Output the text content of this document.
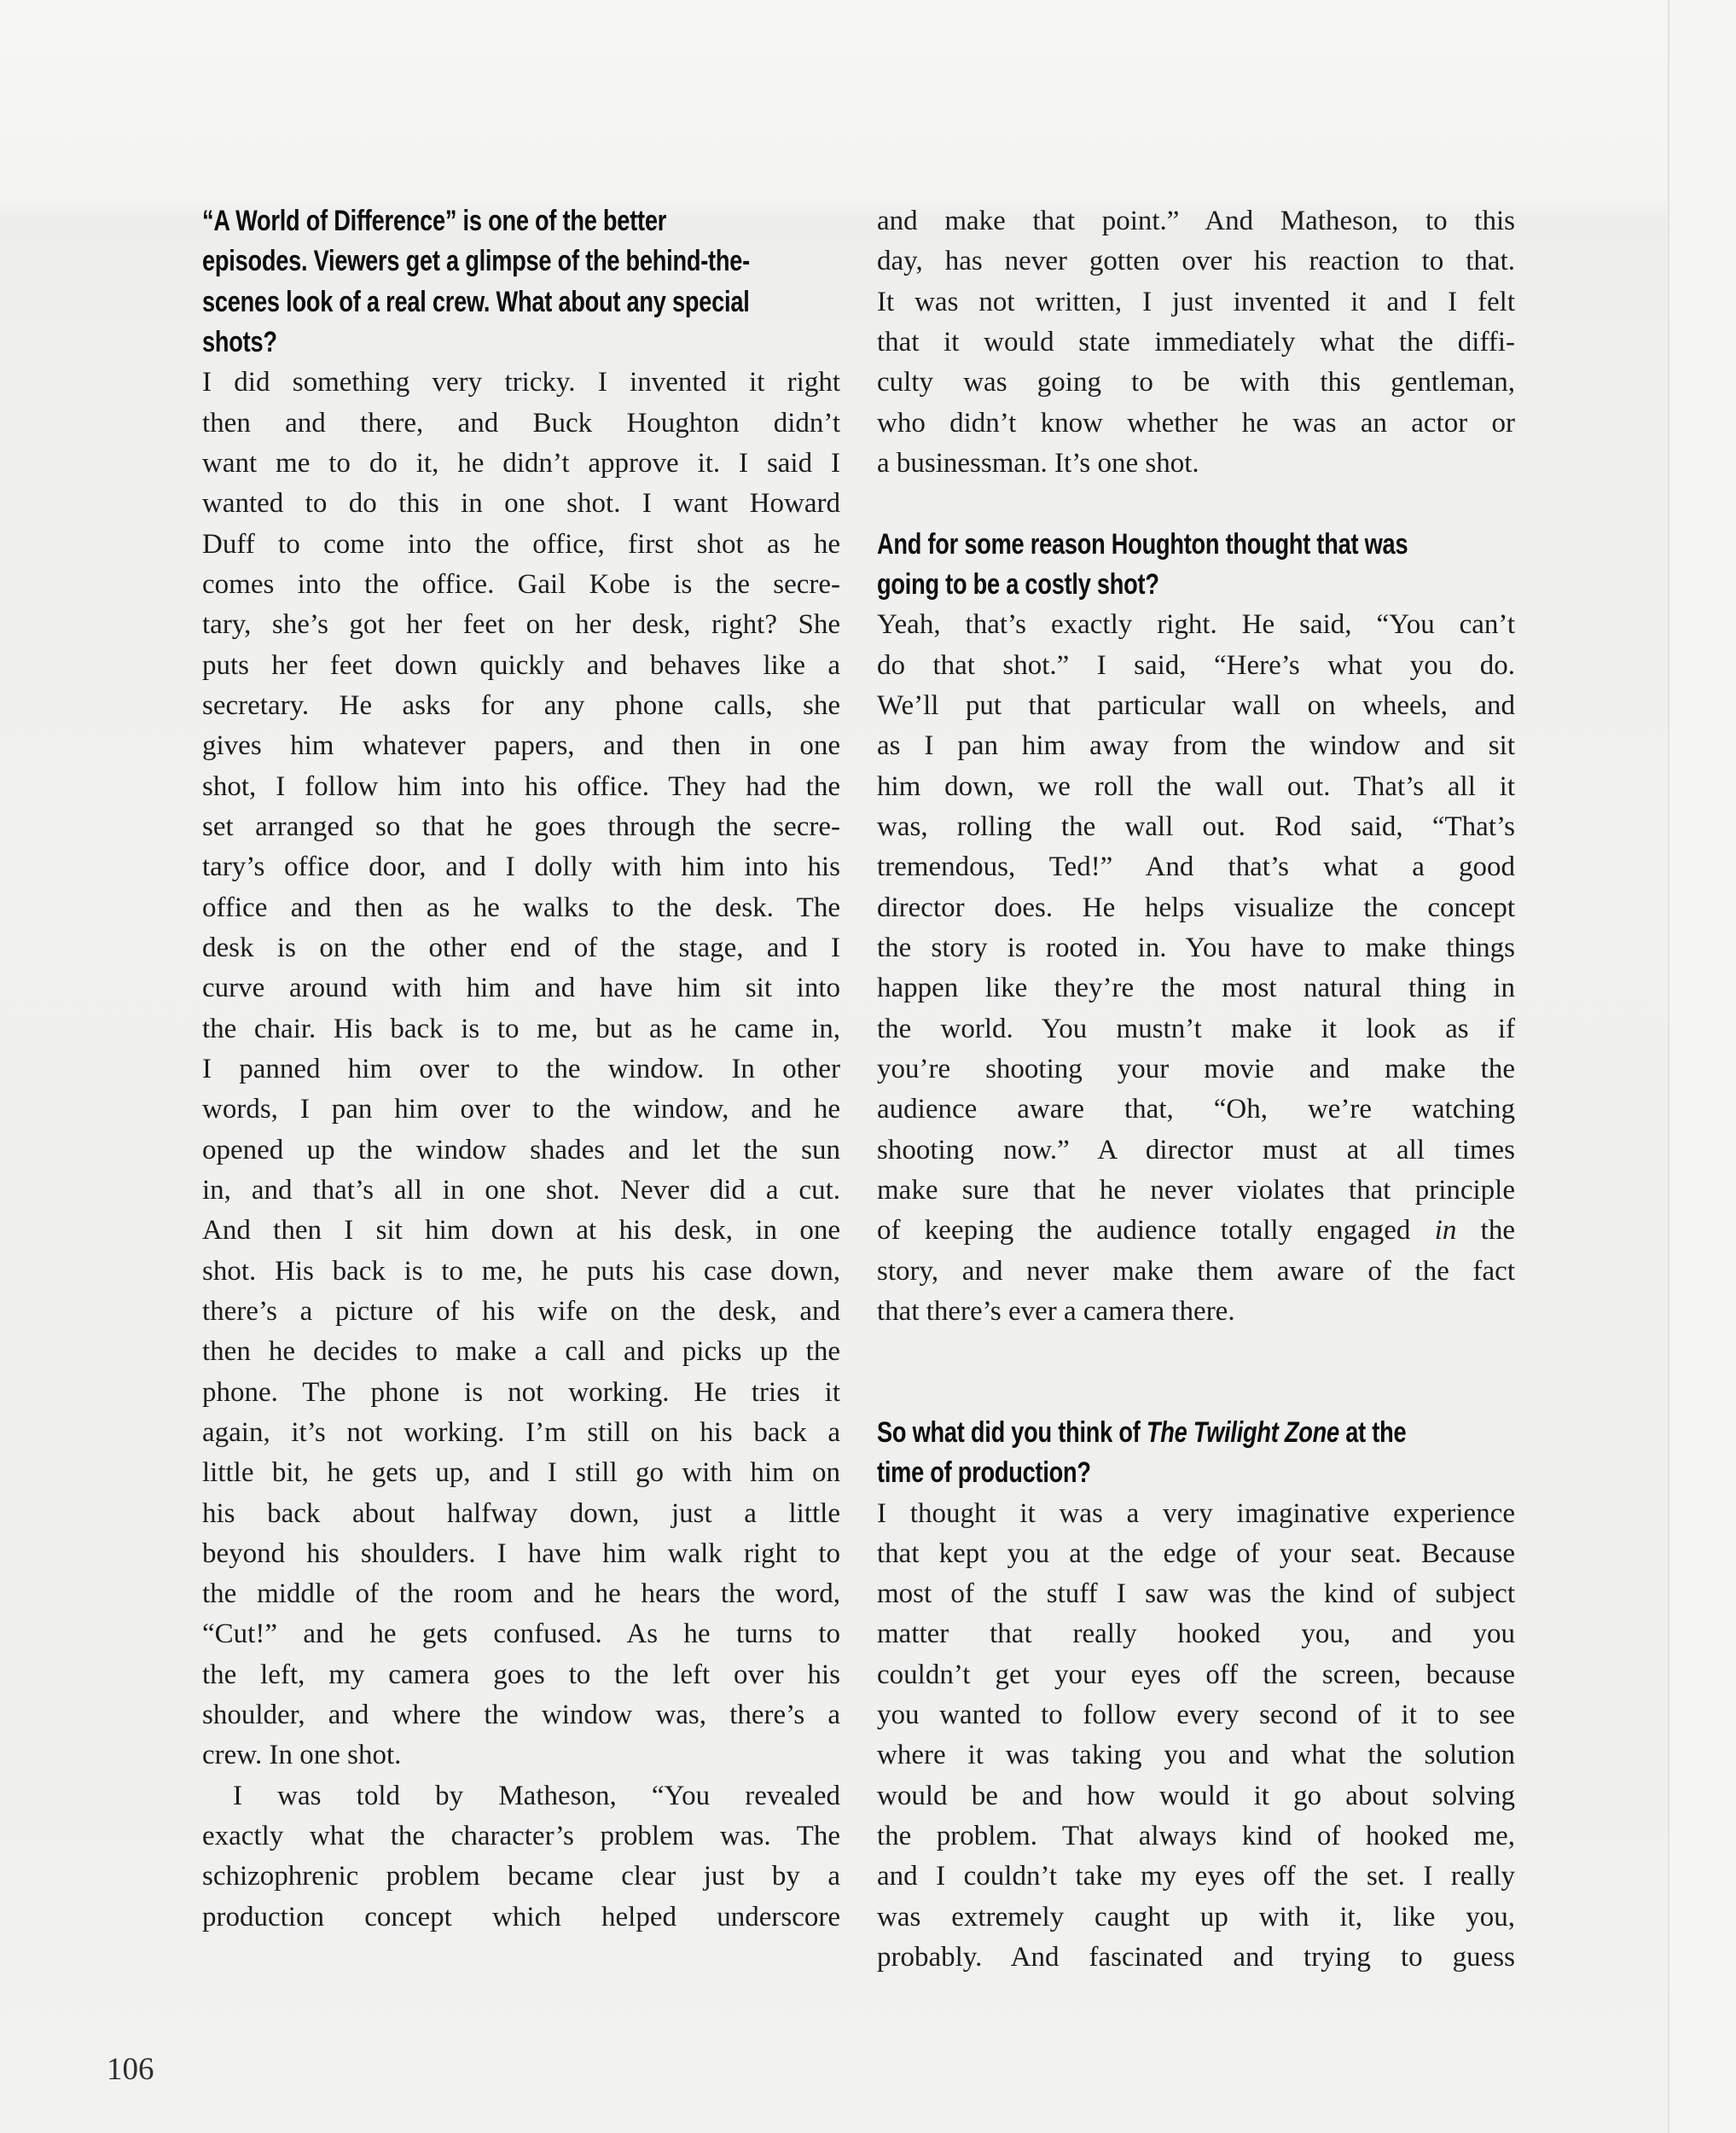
“A World of Difference” is one of the better
episodes. Viewers get a glimpse of the behind-the-
scenes look of a real crew. What about any special
shots?
I did something very tricky. I invented it right
then and there, and Buck Houghton didn’t
want me to do it, he didn’t approve it. I said I
wanted to do this in one shot. I want Howard
Duff to come into the office, first shot as he
comes into the office. Gail Kobe is the secre-
tary, she’s got her feet on her desk, right? She
puts her feet down quickly and behaves like a
secretary. He asks for any phone calls, she
gives him whatever papers, and then in one
shot, I follow him into his office. They had the
set arranged so that he goes through the secre-
tary’s office door, and I dolly with him into his
office and then as he walks to the desk. The
desk is on the other end of the stage, and I
curve around with him and have him sit into
the chair. His back is to me, but as he came in,
I panned him over to the window. In other
words, I pan him over to the window, and he
opened up the window shades and let the sun
in, and that’s all in one shot. Never did a cut.
And then I sit him down at his desk, in one
shot. His back is to me, he puts his case down,
there’s a picture of his wife on the desk, and
then he decides to make a call and picks up the
phone. The phone is not working. He tries it
again, it’s not working. I’m still on his back a
little bit, he gets up, and I still go with him on
his back about halfway down, just a little
beyond his shoulders. I have him walk right to
the middle of the room and he hears the word,
“Cut!” and he gets confused. As he turns to
the left, my camera goes to the left over his
shoulder, and where the window was, there’s a
crew. In one shot.
I was told by Matheson, “You revealed
exactly what the character’s problem was. The
schizophrenic problem became clear just by a
production concept which helped underscore
and make that point.” And Matheson, to this
day, has never gotten over his reaction to that.
It was not written, I just invented it and I felt
that it would state immediately what the diffi-
culty was going to be with this gentleman,
who didn’t know whether he was an actor or
a businessman. It’s one shot.
And for some reason Houghton thought that was
going to be a costly shot?
Yeah, that’s exactly right. He said, “You can’t
do that shot.” I said, “Here’s what you do.
We’ll put that particular wall on wheels, and
as I pan him away from the window and sit
him down, we roll the wall out. That’s all it
was, rolling the wall out. Rod said, “That’s
tremendous, Ted!” And that’s what a good
director does. He helps visualize the concept
the story is rooted in. You have to make things
happen like they’re the most natural thing in
the world. You mustn’t make it look as if
you’re shooting your movie and make the
audience aware that, “Oh, we’re watching
shooting now.” A director must at all times
make sure that he never violates that principle
of keeping the audience totally engaged in the
story, and never make them aware of the fact
that there’s ever a camera there.
So what did you think of The Twilight Zone at the
time of production?
I thought it was a very imaginative experience
that kept you at the edge of your seat. Because
most of the stuff I saw was the kind of subject
matter that really hooked you, and you
couldn’t get your eyes off the screen, because
you wanted to follow every second of it to see
where it was taking you and what the solution
would be and how would it go about solving
the problem. That always kind of hooked me,
and I couldn’t take my eyes off the set. I really
was extremely caught up with it, like you,
probably. And fascinated and trying to guess
106
